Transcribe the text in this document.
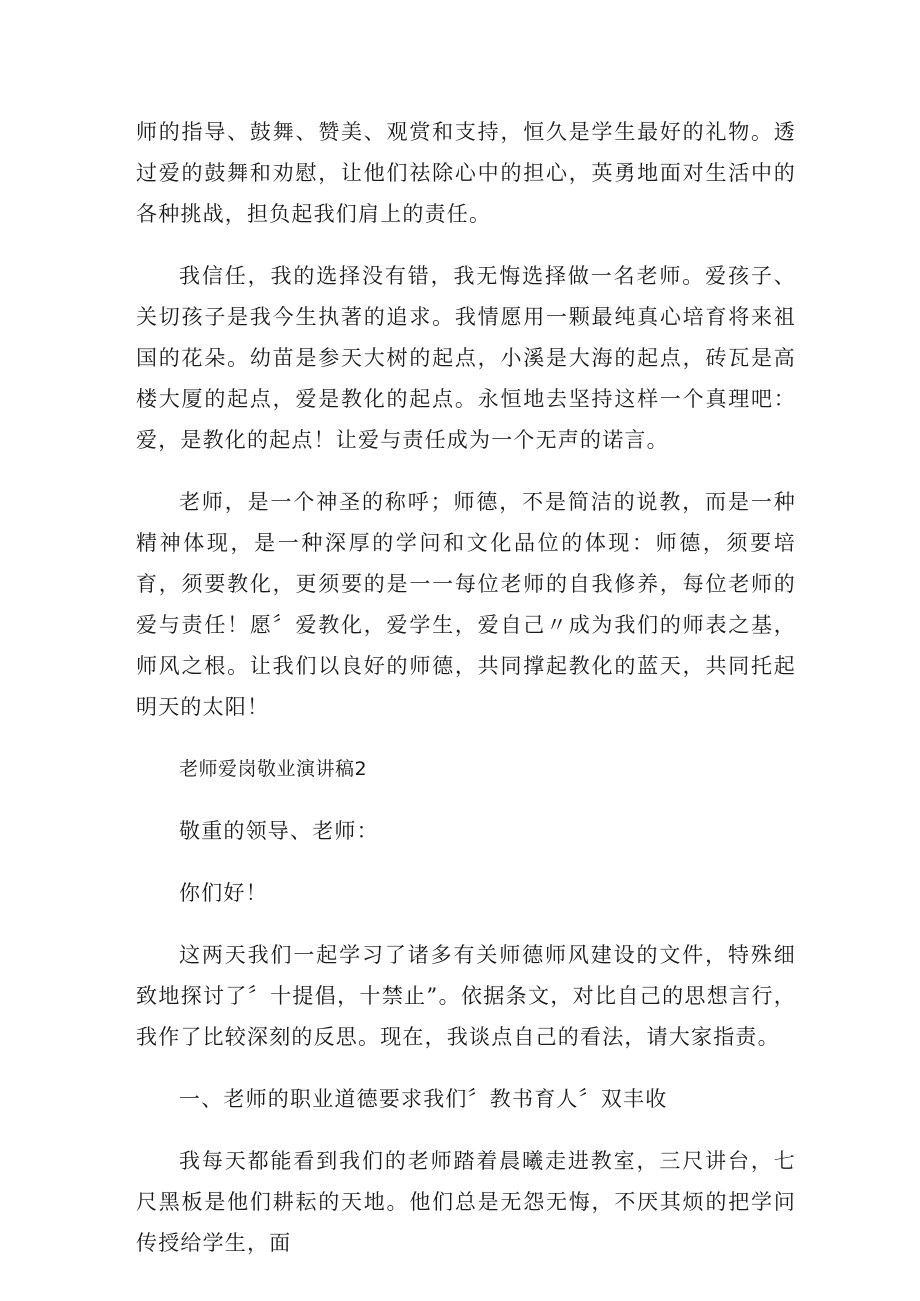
师的指导、鼓舞、赞美、观赏和支持，恒久是学生最好的礼物。透过爱的鼓舞和劝慰，让他们祛除心中的担心，英勇地面对生活中的各种挑战，担负起我们肩上的责任。

我信任，我的选择没有错，我无悔选择做一名老师。爱孩子、关切孩子是我今生执著的追求。我情愿用一颗最纯真心培育将来祖国的花朵。幼苗是参天大树的起点，小溪是大海的起点，砖瓦是高楼大厦的起点，爱是教化的起点。永恒地去坚持这样一个真理吧：爱，是教化的起点！让爱与责任成为一个无声的诺言。

老师，是一个神圣的称呼；师德，不是简洁的说教，而是一种精神体现，是一种深厚的学问和文化品位的体现：师德，须要培育，须要教化，更须要的是一一每位老师的自我修养，每位老师的爱与责任！愿〞爱教化，爱学生，爱自己〃成为我们的师表之基，师风之根。让我们以良好的师德，共同撑起教化的蓝天，共同托起明天的太阳！

老师爱岗敬业演讲稿2
敬重的领导、老师：
你们好！

这两天我们一起学习了诸多有关师德师风建设的文件，特殊细致地探讨了〞十提倡，十禁止”。依据条文，对比自己的思想言行，我作了比较深刻的反思。现在，我谈点自己的看法，请大家指责。

一、老师的职业道德要求我们〞教书育人〞双丰收

我每天都能看到我们的老师踏着晨曦走进教室，三尺讲台，七尺黑板是他们耕耘的天地。他们总是无怨无悔，不厌其烦的把学问传授给学生，面
